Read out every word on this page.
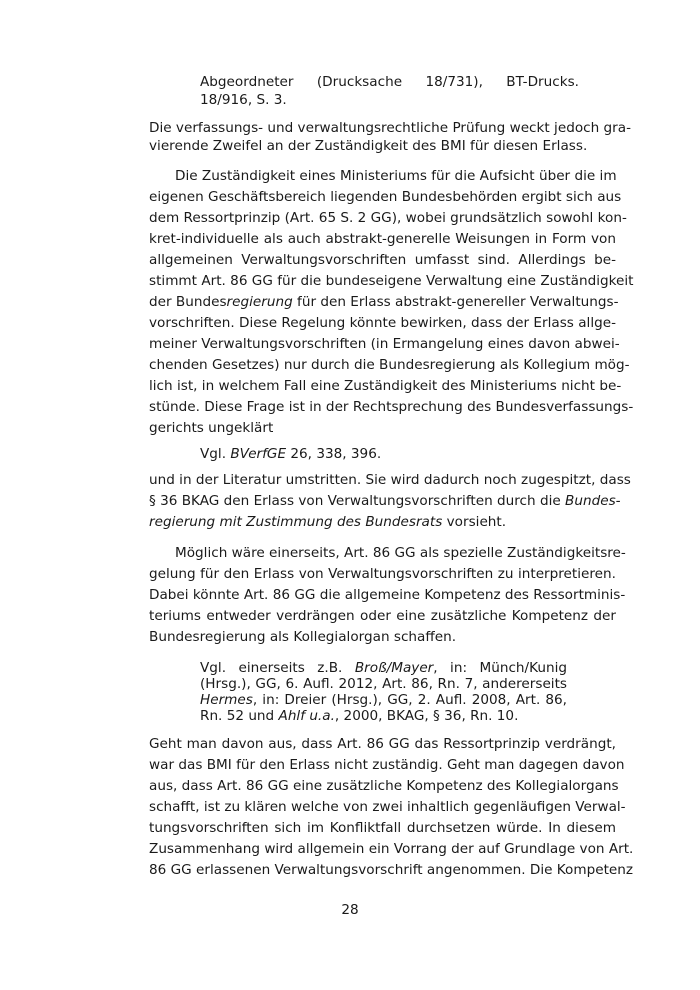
Abgeordneter (Drucksache 18/731), BT-Drucks.
18/916, S. 3.
Die verfassungs- und verwaltungsrechtliche Prüfung weckt jedoch gra-
vierende Zweifel an der Zuständigkeit des BMI für diesen Erlass.
Die Zuständigkeit eines Ministeriums für die Aufsicht über die im
eigenen Geschäftsbereich liegenden Bundesbehörden ergibt sich aus
dem Ressortprinzip (Art. 65 S. 2 GG), wobei grundsätzlich sowohl kon-
kret-individuelle als auch abstrakt-generelle Weisungen in Form von
allgemeinen Verwaltungsvorschriften umfasst sind. Allerdings be-
stimmt Art. 86 GG für die bundeseigene Verwaltung eine Zuständigkeit
der Bundesregierung für den Erlass abstrakt-genereller Verwaltungs-
vorschriften. Diese Regelung könnte bewirken, dass der Erlass allge-
meiner Verwaltungsvorschriften (in Ermangelung eines davon abwei-
chenden Gesetzes) nur durch die Bundesregierung als Kollegium mög-
lich ist, in welchem Fall eine Zuständigkeit des Ministeriums nicht be-
stünde. Diese Frage ist in der Rechtsprechung des Bundesverfassungs-
gerichts ungeklärt
Vgl. BVerfGE 26, 338, 396.
und in der Literatur umstritten. Sie wird dadurch noch zugespitzt, dass
§ 36 BKAG den Erlass von Verwaltungsvorschriften durch die Bundes-
regierung mit Zustimmung des Bundesrats vorsieht.
Möglich wäre einerseits, Art. 86 GG als spezielle Zuständigkeitsre-
gelung für den Erlass von Verwaltungsvorschriften zu interpretieren.
Dabei könnte Art. 86 GG die allgemeine Kompetenz des Ressortminis-
teriums entweder verdrängen oder eine zusätzliche Kompetenz der
Bundesregierung als Kollegialorgan schaffen.
Vgl. einerseits z.B. Broß/Mayer, in: Münch/Kunig
(Hrsg.), GG, 6. Aufl. 2012, Art. 86, Rn. 7, andererseits
Hermes, in: Dreier (Hrsg.), GG, 2. Aufl. 2008, Art. 86,
Rn. 52 und Ahlf u.a., 2000, BKAG, § 36, Rn. 10.
Geht man davon aus, dass Art. 86 GG das Ressortprinzip verdrängt,
war das BMI für den Erlass nicht zuständig. Geht man dagegen davon
aus, dass Art. 86 GG eine zusätzliche Kompetenz des Kollegialorgans
schafft, ist zu klären welche von zwei inhaltlich gegenläufigen Verwal-
tungsvorschriften sich im Konfliktfall durchsetzen würde. In diesem
Zusammenhang wird allgemein ein Vorrang der auf Grundlage von Art.
86 GG erlassenen Verwaltungsvorschrift angenommen. Die Kompetenz
28
